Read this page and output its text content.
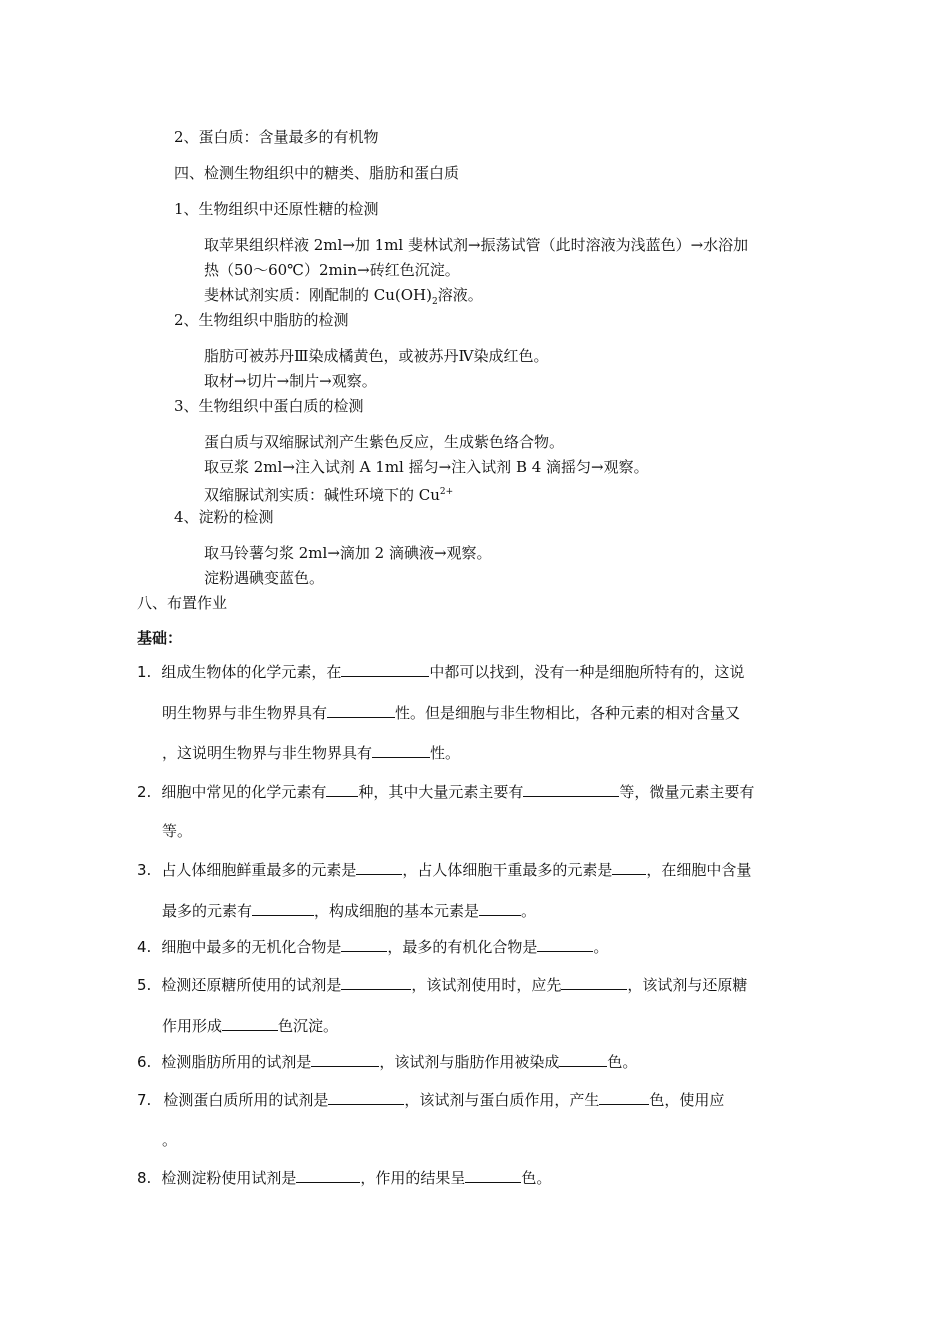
2、蛋白质：含量最多的有机物
四、检测生物组织中的糖类、脂肪和蛋白质
1、生物组织中还原性糖的检测
取苹果组织样液 2ml→加 1ml 斐林试剂→振荡试管（此时溶液为浅蓝色）→水浴加
热（50～60℃）2min→砖红色沉淀。
斐林试剂实质：刚配制的 $Cu(OH)_2$溶液。
2、生物组织中脂肪的检测
脂肪可被苏丹Ⅲ染成橘黄色，或被苏丹Ⅳ染成红色。
取材→切片→制片→观察。
3、生物组织中蛋白质的检测
蛋白质与双缩脲试剂产生紫色反应，生成紫色络合物。
取豆浆 2ml→注入试剂 A 1ml 摇匀→注入试剂 B 4 滴摇匀→观察。
双缩脲试剂实质：碱性环境下的 $Cu^{2+}$
4、淀粉的检测
取马铃薯匀浆 2ml→滴加 2 滴碘液→观察。
淀粉遇碘变蓝色。
八、布置作业
基础：
1. 组成生物体的化学元素，在	中都可以找到，没有一种是细胞所特有的，这说
明生物界与非生物界具有	性。但是细胞与非生物相比，各种元素的相对含量又
，这说明生物界与非生物界具有	性。
2. 细胞中常见的化学元素有 种，其中大量元素主要有	等，微量元素主要有
等。
3. 占人体细胞鲜重最多的元素是	，占人体细胞干重最多的元素是 ，在细胞中含量
最多的元素有	，构成细胞的基本元素是	。
4. 细胞中最多的无机化合物是	，最多的有机化合物是	。
5. 检测还原糖所使用的试剂是	，该试剂使用时，应先	，该试剂与还原糖
作用形成	色沉淀。
6. 检测脂肪所用的试剂是	，该试剂与脂肪作用被染成	色。
7. 检测蛋白质所用的试剂是	，该试剂与蛋白质作用，产生	色，使用应
。
8. 检测淀粉使用试剂是	，作用的结果呈	色。
